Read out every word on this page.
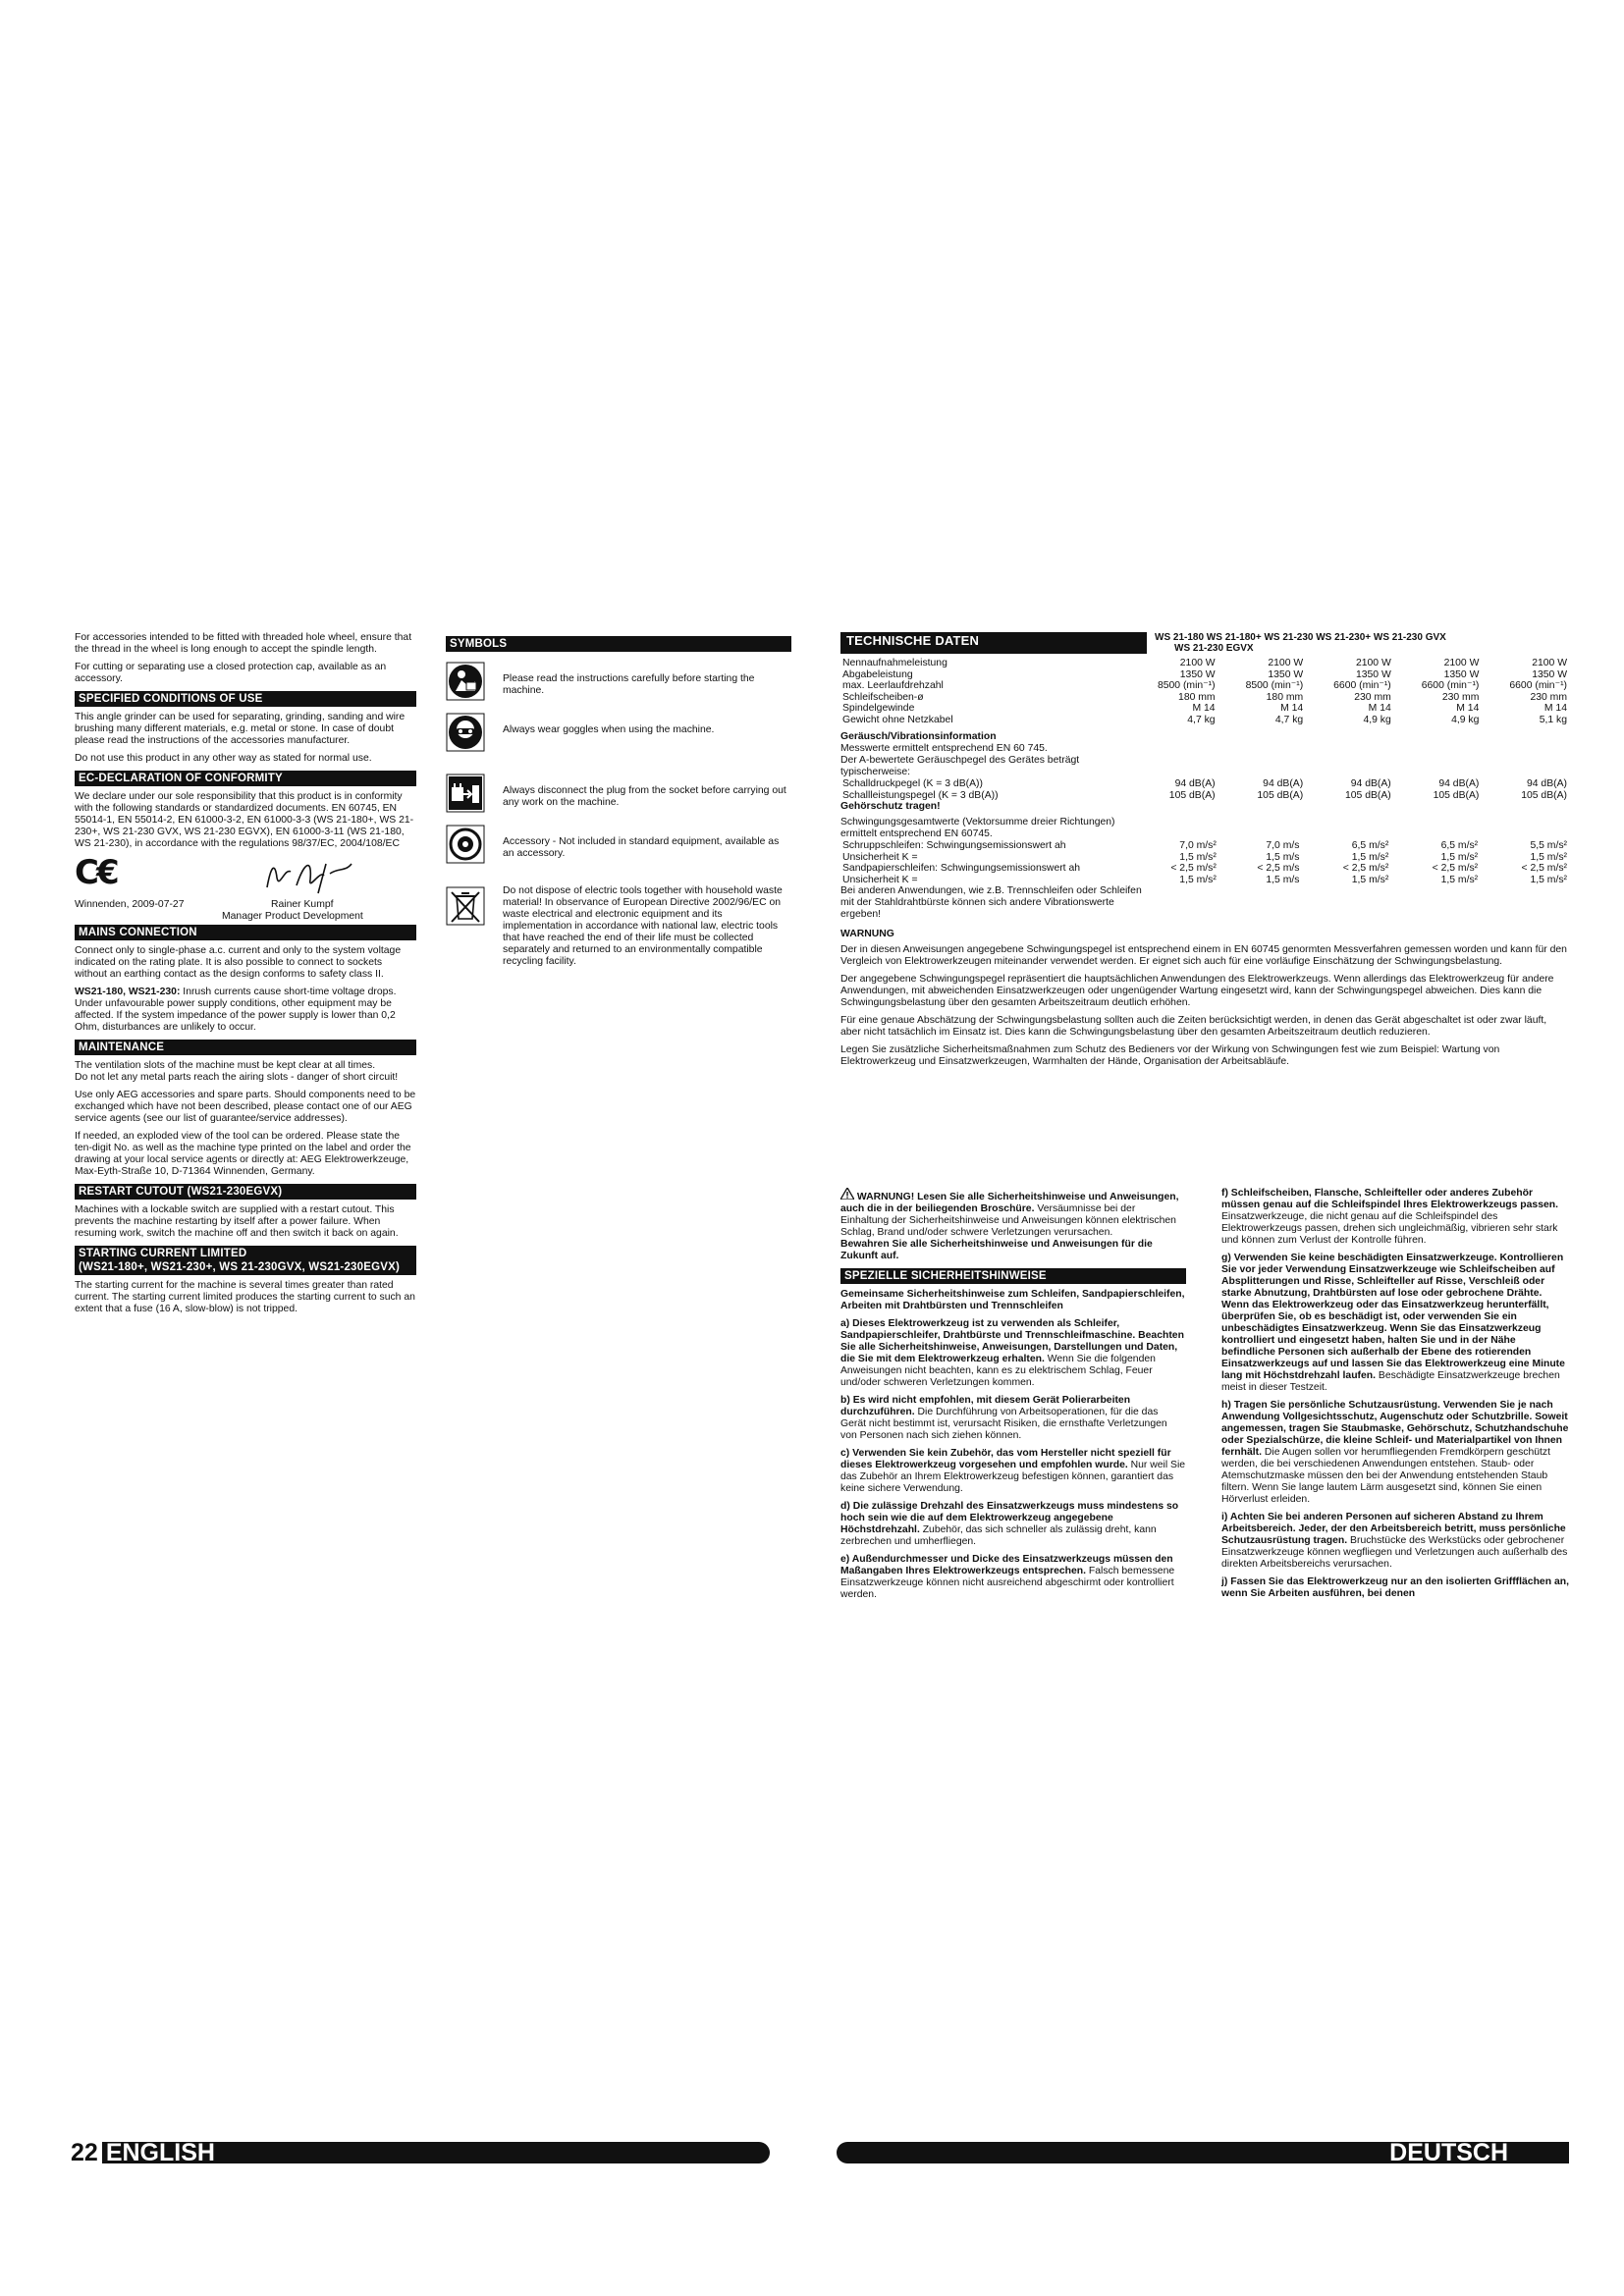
For accessories intended to be fitted with threaded hole wheel, ensure that the thread in the wheel is long enough to accept the spindle length.

For cutting or separating use a closed protection cap, available as an accessory.

SPECIFIED CONDITIONS OF USE

This angle grinder can be used for separating, grinding, sanding and wire brushing many different materials, e.g. metal or stone. In case of doubt please read the instructions of the accessories manufacturer.

Do not use this product in any other way as stated for normal use.

EC-DECLARATION OF CONFORMITY

We declare under our sole responsibility that this product is in conformity with the following standards or standardized documents. EN 60745, EN 55014-1, EN 55014-2, EN 61000-3-2, EN 61000-3-3 (WS 21-180+, WS 21-230+, WS 21-230 GVX, WS 21-230 EGVX), EN 61000-3-11 (WS 21-180, WS 21-230), in accordance with the regulations 98/37/EC, 2004/108/EC

C€
Winnenden, 2009-07-27	Rainer Kumpf
Manager Product Development
MAINS CONNECTION

Connect only to single-phase a.c. current and only to the system voltage indicated on the rating plate. It is also possible to connect to sockets without an earthing contact as the design conforms to safety class II.

WS21-180, WS21-230: Inrush currents cause short-time voltage drops. Under unfavourable power supply conditions, other equipment may be affected. If the system impedance of the power supply is lower than 0,2 Ohm, disturbances are unlikely to occur.

MAINTENANCE

The ventilation slots of the machine must be kept clear at all times.

Do not let any metal parts reach the airing slots - danger of short circuit!

Use only AEG accessories and spare parts. Should components need to be exchanged which have not been described, please contact one of our AEG service agents (see our list of guarantee/service addresses).

If needed, an exploded view of the tool can be ordered. Please state the ten-digit No. as well as the machine type printed on the label and order the drawing at your local service agents or directly at: AEG Elektrowerkzeuge, Max-Eyth-Straße 10, D-71364 Winnenden, Germany.

RESTART CUTOUT (WS21-230EGVX)

Machines with a lockable switch are supplied with a restart cutout. This prevents the machine restarting by itself after a power failure. When resuming work, switch the machine off and then switch it back on again.

STARTING CURRENT LIMITED
(WS21-180+, WS21-230+, WS 21-230GVX, WS21-230EGVX)

The starting current for the machine is several times greater than rated current. The starting current limited produces the starting current to such an extent that a fuse (16 A, slow-blow) is not tripped.

SYMBOLS
Please read the instructions carefully before starting the machine.
Always wear goggles when using the machine.
Always disconnect the plug from the socket before carrying out any work on the machine.
Accessory - Not included in standard equipment, available as an accessory.
Do not dispose of electric tools together with household waste material! In observance of European Directive 2002/96/EC on waste electrical and electronic equipment and its implementation in accordance with national law, electric tools that have reached the end of their life must be collected separately and returned to an environmentally compatible recycling facility.
TECHNISCHE DATEN	WS 21-180 WS 21-180+ WS 21-230 WS 21-230+ WS 21-230 GVX
WS 21-230 EGVX
Nennaufnahmeleistung	2100 W	2100 W	2100 W	2100 W	2100 W
Abgabeleistung	1350 W	1350 W	1350 W	1350 W	1350 W
max. Leerlaufdrehzahl	8500 (min⁻¹)	8500 (min⁻¹)	6600 (min⁻¹)	6600 (min⁻¹)	6600 (min⁻¹)
Schleifscheiben-ø	180 mm	180 mm	230 mm	230 mm	230 mm
Spindelgewinde	M 14	M 14	M 14	M 14	M 14
Gewicht ohne Netzkabel	4,7 kg	4,7 kg	4,9 kg	4,9 kg	5,1 kg
Geräusch/Vibrationsinformation
Messwerte ermittelt entsprechend EN 60 745.
Der A-bewertete Geräuschpegel des Gerätes beträgt typischerweise:
Schalldruckpegel (K = 3 dB(A))	94 dB(A)	94 dB(A)	94 dB(A)	94 dB(A)	94 dB(A)
Schallleistungspegel (K = 3 dB(A))	105 dB(A)	105 dB(A)	105 dB(A)	105 dB(A)	105 dB(A)
Gehörschutz tragen!
Schwingungsgesamtwerte (Vektorsumme dreier Richtungen) ermittelt entsprechend EN 60745.
Schruppschleifen: Schwingungsemissionswert ah	7,0 m/s²	7,0 m/s	6,5 m/s²	6,5 m/s²	5,5 m/s²
Unsicherheit K =	1,5 m/s²	1,5 m/s	1,5 m/s²	1,5 m/s²	1,5 m/s²
Sandpapierschleifen: Schwingungsemissionswert ah	< 2,5 m/s²	< 2,5 m/s	< 2,5 m/s²	< 2,5 m/s²	< 2,5 m/s²
Unsicherheit K =	1,5 m/s²	1,5 m/s	1,5 m/s²	1,5 m/s²	1,5 m/s²
Bei anderen Anwendungen, wie z.B. Trennschleifen oder Schleifen mit der Stahldrahtbürste können sich andere Vibrationswerte ergeben!
WARNUNG

Der in diesen Anweisungen angegebene Schwingungspegel ist entsprechend einem in EN 60745 genormten Messverfahren gemessen worden und kann für den Vergleich von Elektrowerkzeugen miteinander verwendet werden. Er eignet sich auch für eine vorläufige Einschätzung der Schwingungsbelastung.

Der angegebene Schwingungspegel repräsentiert die hauptsächlichen Anwendungen des Elektrowerkzeugs. Wenn allerdings das Elektrowerkzeug für andere Anwendungen, mit abweichenden Einsatzwerkzeugen oder ungenügender Wartung eingesetzt wird, kann der Schwingungspegel abweichen. Dies kann die Schwingungsbelastung über den gesamten Arbeitszeitraum deutlich erhöhen.

Für eine genaue Abschätzung der Schwingungsbelastung sollten auch die Zeiten berücksichtigt werden, in denen das Gerät abgeschaltet ist oder zwar läuft, aber nicht tatsächlich im Einsatz ist. Dies kann die Schwingungsbelastung über den gesamten Arbeitszeitraum deutlich reduzieren.

Legen Sie zusätzliche Sicherheitsmaßnahmen zum Schutz des Bedieners vor der Wirkung von Schwingungen fest wie zum Beispiel: Wartung von Elektrowerkzeug und Einsatzwerkzeugen, Warmhalten der Hände, Organisation der Arbeitsabläufe.

WARNUNG! Lesen Sie alle Sicherheitshinweise und Anweisungen, auch die in der beiliegenden Broschüre. Versäumnisse bei der Einhaltung der Sicherheitshinweise und Anweisungen können elektrischen Schlag, Brand und/oder schwere Verletzungen verursachen.
Bewahren Sie alle Sicherheitshinweise und Anweisungen für die Zukunft auf.

SPEZIELLE SICHERHEITSHINWEISE

Gemeinsame Sicherheitshinweise zum Schleifen, Sandpapierschleifen, Arbeiten mit Drahtbürsten und Trennschleifen

a) Dieses Elektrowerkzeug ist zu verwenden als Schleifer, Sandpapierschleifer, Drahtbürste und Trennschleifmaschine. Beachten Sie alle Sicherheitshinweise, Anweisungen, Darstellungen und Daten, die Sie mit dem Elektrowerkzeug erhalten. Wenn Sie die folgenden Anweisungen nicht beachten, kann es zu elektrischem Schlag, Feuer und/oder schweren Verletzungen kommen.

b) Es wird nicht empfohlen, mit diesem Gerät Polierarbeiten durchzuführen. Die Durchführung von Arbeitsoperationen, für die das Gerät nicht bestimmt ist, verursacht Risiken, die ernsthafte Verletzungen von Personen nach sich ziehen können.

c) Verwenden Sie kein Zubehör, das vom Hersteller nicht speziell für dieses Elektrowerkzeug vorgesehen und empfohlen wurde. Nur weil Sie das Zubehör an Ihrem Elektrowerkzeug befestigen können, garantiert das keine sichere Verwendung.

d) Die zulässige Drehzahl des Einsatzwerkzeugs muss mindestens so hoch sein wie die auf dem Elektrowerkzeug angegebene Höchstdrehzahl. Zubehör, das sich schneller als zulässig dreht, kann zerbrechen und umherfliegen.

e) Außendurchmesser und Dicke des Einsatzwerkzeugs müssen den Maßangaben Ihres Elektrowerkzeugs entsprechen. Falsch bemessene Einsatzwerkzeuge können nicht ausreichend abgeschirmt oder kontrolliert werden.

f) Schleifscheiben, Flansche, Schleifteller oder anderes Zubehör müssen genau auf die Schleifspindel Ihres Elektrowerkzeugs passen. Einsatzwerkzeuge, die nicht genau auf die Schleifspindel des Elektrowerkzeugs passen, drehen sich ungleichmäßig, vibrieren sehr stark und können zum Verlust der Kontrolle führen.

g) Verwenden Sie keine beschädigten Einsatzwerkzeuge. Kontrollieren Sie vor jeder Verwendung Einsatzwerkzeuge wie Schleifscheiben auf Absplitterungen und Risse, Schleifteller auf Risse, Verschleiß oder starke Abnutzung, Drahtbürsten auf lose oder gebrochene Drähte. Wenn das Elektrowerkzeug oder das Einsatzwerkzeug herunterfällt, überprüfen Sie, ob es beschädigt ist, oder verwenden Sie ein unbeschädigtes Einsatzwerkzeug. Wenn Sie das Einsatzwerkzeug kontrolliert und eingesetzt haben, halten Sie und in der Nähe befindliche Personen sich außerhalb der Ebene des rotierenden Einsatzwerkzeugs auf und lassen Sie das Elektrowerkzeug eine Minute lang mit Höchstdrehzahl laufen. Beschädigte Einsatzwerkzeuge brechen meist in dieser Testzeit.

h) Tragen Sie persönliche Schutzausrüstung. Verwenden Sie je nach Anwendung Vollgesichtsschutz, Augenschutz oder Schutzbrille. Soweit angemessen, tragen Sie Staubmaske, Gehörschutz, Schutzhandschuhe oder Spezialschürze, die kleine Schleif- und Materialpartikel von Ihnen fernhält. Die Augen sollen vor herumfliegenden Fremdkörpern geschützt werden, die bei verschiedenen Anwendungen entstehen. Staub- oder Atemschutzmaske müssen den bei der Anwendung entstehenden Staub filtern. Wenn Sie lange lautem Lärm ausgesetzt sind, können Sie einen Hörverlust erleiden.

i) Achten Sie bei anderen Personen auf sicheren Abstand zu Ihrem Arbeitsbereich. Jeder, der den Arbeitsbereich betritt, muss persönliche Schutzausrüstung tragen. Bruchstücke des Werkstücks oder gebrochener Einsatzwerkzeuge können wegfliegen und Verletzungen auch außerhalb des direkten Arbeitsbereichs verursachen.

j) Fassen Sie das Elektrowerkzeug nur an den isolierten Griffflächen an, wenn Sie Arbeiten ausführen, bei denen

22 ENGLISH	DEUTSCH
